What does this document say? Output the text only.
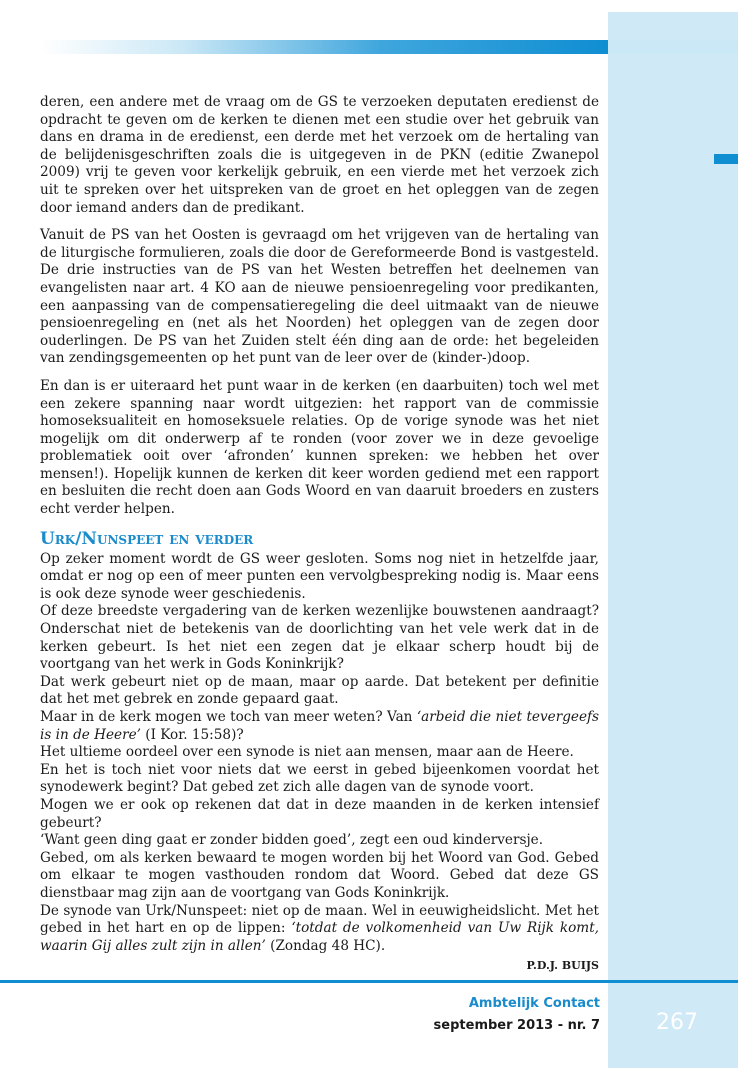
deren, een andere met de vraag om de GS te verzoeken deputaten eredienst de opdracht te geven om de kerken te dienen met een studie over het gebruik van dans en drama in de eredienst, een derde met het verzoek om de hertaling van de belijdenisgeschriften zoals die is uitgegeven in de PKN (editie Zwanepol 2009) vrij te geven voor kerkelijk gebruik, en een vierde met het verzoek zich uit te spreken over het uitspreken van de groet en het opleggen van de zegen door iemand anders dan de predikant.

Vanuit de PS van het Oosten is gevraagd om het vrijgeven van de hertaling van de liturgische formulieren, zoals die door de Gereformeerde Bond is vastgesteld. De drie instructies van de PS van het Westen betreffen het deelnemen van evangelisten naar art. 4 KO aan de nieuwe pensioenregeling voor predikanten, een aanpassing van de compensatieregeling die deel uitmaakt van de nieuwe pensioenregeling en (net als het Noorden) het opleggen van de zegen door ouderlingen. De PS van het Zuiden stelt één ding aan de orde: het begeleiden van zendingsgemeenten op het punt van de leer over de (kinder-)doop.

En dan is er uiteraard het punt waar in de kerken (en daarbuiten) toch wel met een zekere spanning naar wordt uitgezien: het rapport van de commissie homoseksualiteit en homoseksuele relaties. Op de vorige synode was het niet mogelijk om dit onderwerp af te ronden (voor zover we in deze gevoelige problematiek ooit over ‘afronden’ kunnen spreken: we hebben het over mensen!). Hopelijk kunnen de kerken dit keer worden gediend met een rapport en besluiten die recht doen aan Gods Woord en van daaruit broeders en zusters echt verder helpen.

Urk/Nunspeet en verder
Op zeker moment wordt de GS weer gesloten. Soms nog niet in hetzelfde jaar, omdat er nog op een of meer punten een vervolgbespreking nodig is. Maar eens is ook deze synode weer geschiedenis.
Of deze breedste vergadering van de kerken wezenlijke bouwstenen aandraagt? Onderschat niet de betekenis van de doorlichting van het vele werk dat in de kerken gebeurt. Is het niet een zegen dat je elkaar scherp houdt bij de voortgang van het werk in Gods Koninkrijk?
Dat werk gebeurt niet op de maan, maar op aarde. Dat betekent per definitie dat het met gebrek en zonde gepaard gaat.
Maar in de kerk mogen we toch van meer weten? Van ‘arbeid die niet tevergeefs is in de Heere’ (I Kor. 15:58)?
Het ultieme oordeel over een synode is niet aan mensen, maar aan de Heere.
En het is toch niet voor niets dat we eerst in gebed bijeenkomen voordat het synodewerk begint? Dat gebed zet zich alle dagen van de synode voort.
Mogen we er ook op rekenen dat dat in deze maanden in de kerken intensief gebeurt?
‘Want geen ding gaat er zonder bidden goed’, zegt een oud kinderversje.
Gebed, om als kerken bewaard te mogen worden bij het Woord van God. Gebed om elkaar te mogen vasthouden rondom dat Woord. Gebed dat deze GS dienstbaar mag zijn aan de voortgang van Gods Koninkrijk.
De synode van Urk/Nunspeet: niet op de maan. Wel in eeuwigheidslicht. Met het gebed in het hart en op de lippen: ‘totdat de volkomenheid van Uw Rijk komt, waarin Gij alles zult zijn in allen’ (Zondag 48 HC).
P.D.J. BUIJS
Ambtelijk Contact
september 2013 - nr. 7	267
